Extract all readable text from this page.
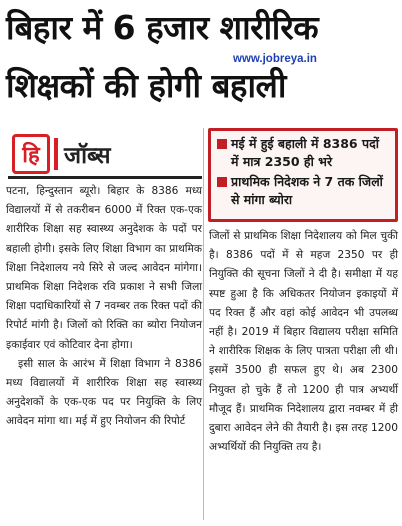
बिहार में 6 हजार शारीरिक
शिक्षकों की होगी बहाली
www.jobreya.in
हि जॉब्स	मई में हुई बहाली में 8386 पदों में मात्र 2350 ही भरे
प्राथमिक निदेशक ने 7 तक जिलों से मांगा ब्योरा

पटना, हिन्दुस्तान ब्यूरो। बिहार के 8386 मध्य विद्यालयों में से तकरीबन 6000 में रिक्त एक-एक शारीरिक शिक्षा सह स्वास्थ्य अनुदेशक के पदों पर बहाली होगी। इसके लिए शिक्षा विभाग का प्राथमिक शिक्षा निदेशालय नये सिरे से जल्द आवेदन मांगेगा। प्राथमिक शिक्षा निदेशक रवि प्रकाश ने सभी जिला शिक्षा पदाधिकारियों से 7 नवम्बर तक रिक्त पदों की रिपोर्ट मांगी है। जिलों को रिक्ति का ब्योरा नियोजन इकाईवार एवं कोटिवार देना होगा।

इसी साल के आरंभ में शिक्षा विभाग ने 8386 मध्य विद्यालयों में शारीरिक शिक्षा सह स्वास्थ्य अनुदेशकों के एक-एक पद पर नियुक्ति के लिए आवेदन मांगा था। मई में हुए नियोजन की रिपोर्ट

जिलों से प्राथमिक शिक्षा निदेशालय को मिल चुकी है। 8386 पदों में से महज 2350 पर ही नियुक्ति की सूचना जिलों ने दी है। समीक्षा में यह स्पष्ट हुआ है कि अधिकतर नियोजन इकाइयों में पद रिक्त हैं और वहां कोई आवेदन भी उपलब्ध नहीं है। 2019 में बिहार विद्यालय परीक्षा समिति ने शारीरिक शिक्षक के लिए पात्रता परीक्षा ली थी। इसमें 3500 ही सफल हुए थे। अब 2300 नियुक्त हो चुके हैं तो 1200 ही पात्र अभ्यर्थी मौजूद हैं। प्राथमिक निदेशालय द्वारा नवम्बर में ही दुबारा आवेदन लेने की तैयारी है। इस तरह 1200 अभ्यर्थियों की नियुक्ति तय है।
